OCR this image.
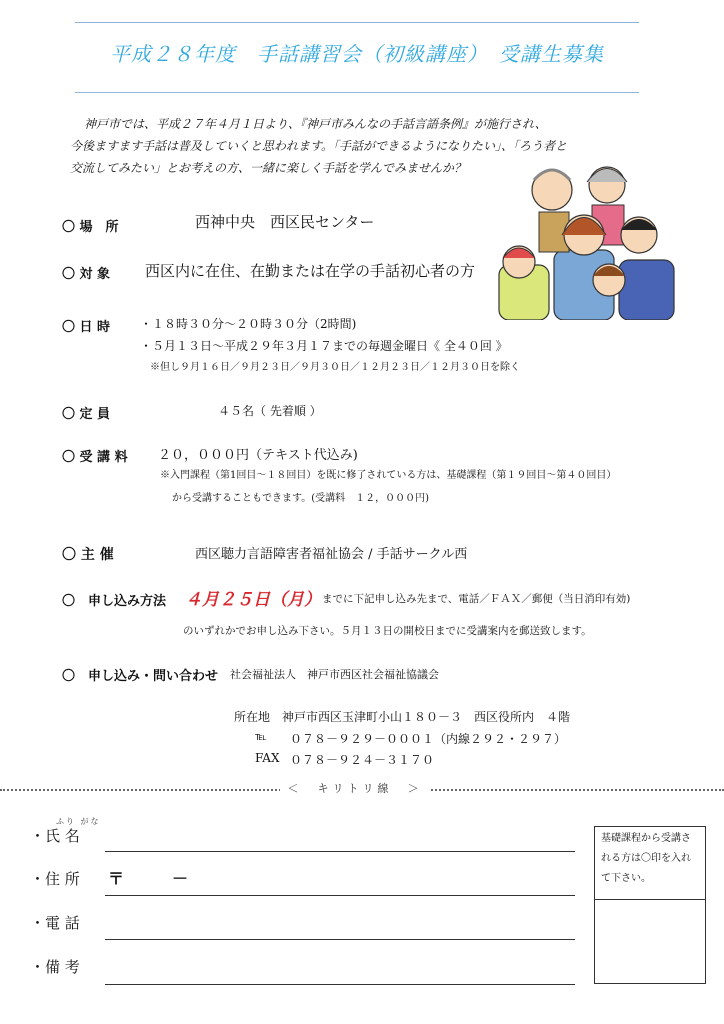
平成２８年度　手話講習会（初級講座）　受講生募集
神戸市では、平成２７年４月１日より、『神戸市みんなの手話言語条例』が施行され、
今後ますます手話は普及していくと思われます。「手話ができるようになりたい」、「ろう者と
交流してみたい」とお考えの方、一緒に楽しく手話を学んでみませんか？
〇 場　所	西神中央　西区民センター
〇 対 象 西区内に在住、在勤または在学の手話初心者の方
〇 日 時 ・１８時３０分～２０時３０分（2時間)
・５月１３日～平成２９年３月１７までの毎週金曜日《 全４０回 》
※但し９月１６日／９月２３日／９月３０日／１２月２３日／１２月３０日を除く
〇 定 員	４５名（ 先着順 ）
〇 受 講 料 ２０，０００円（テキスト代込み)
※入門課程（第1回目～１８回目）を既に修了されている方は、基礎課程（第１９回目～第４０回目）
から受講することもできます。(受講料　１２，０００円)
〇 主 催	西区聴力言語障害者福祉協会 / 手話サークル西
〇　申し込み方法 ４月２５日（月） までに下記申し込み先まで、電話／ＦＡＸ／郵便（当日消印有効)
のいずれかでお申し込み下さい。５月１３日の開校日までに受講案内を郵送致します。
〇　申し込み・問い合わせ 社会福祉法人　神戸市西区社会福祉協議会
所在地　神戸市西区玉津町小山１８０－３　西区役所内　４階
℡ ０７８－９２９－０００１（内線２９２・２９７）
FAX ０７８－９２４－３１７０
＜　キリトリ線　＞
ふり がな
・氏 名
・住 所 〒　　　－
・電 話
・備 考
基礎課程から受講される方は〇印を入れて下さい。
